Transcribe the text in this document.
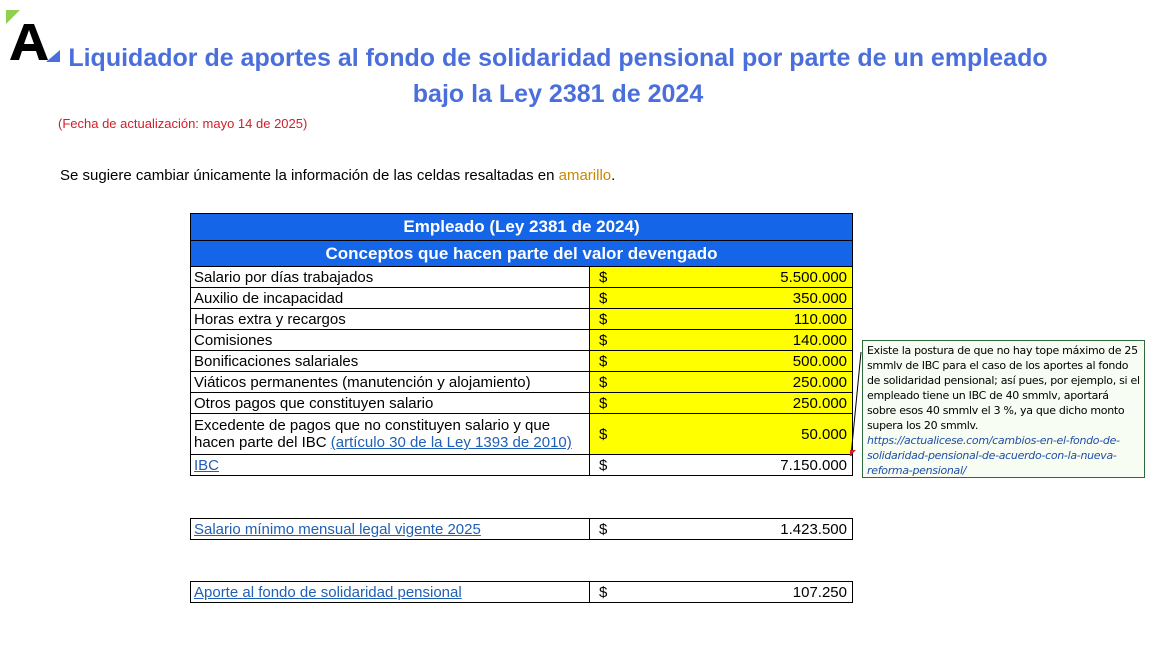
Liquidador de aportes al fondo de solidaridad pensional por parte de un empleado bajo la Ley 2381 de 2024
(Fecha de actualización: mayo 14 de 2025)
Se sugiere cambiar únicamente la información de las celdas resaltadas en amarillo.
Empleado (Ley 2381 de 2024)	
Conceptos que hacen parte del valor devengado	
Salario por días trabajados	$ 5.500.000

Auxilio de incapacidad	$ 350.000

Horas extra y recargos	$ 110.000

Comisiones	$ 140.000

Bonificaciones salariales	$ 500.000

Viáticos permanentes (manutención y alojamiento)	$ 250.000

Otros pagos que constituyen salario	$ 250.000

Excedente de pagos que no constituyen salario y que hacen parte del IBC (artículo 30 de la Ley 1393 de 2010)	$ 50.000

IBC	$ 7.150.000
Salario mínimo mensual legal vigente 2025	$	1.423.500
Aporte al fondo de solidaridad pensional	$	107.250
Existe la postura de que no hay tope máximo de 25 smmlv de IBC para el caso de los aportes al fondo de solidaridad pensional; así pues, por ejemplo, si el empleado tiene un IBC de 40 smmlv, aportará sobre esos 40 smmlv el 3 %, ya que dicho monto supera los 20 smmlv. https://actualicese.com/cambios-en-el-fondo-de-solidaridad-pensional-de-acuerdo-con-la-nueva-reforma-pensional/
